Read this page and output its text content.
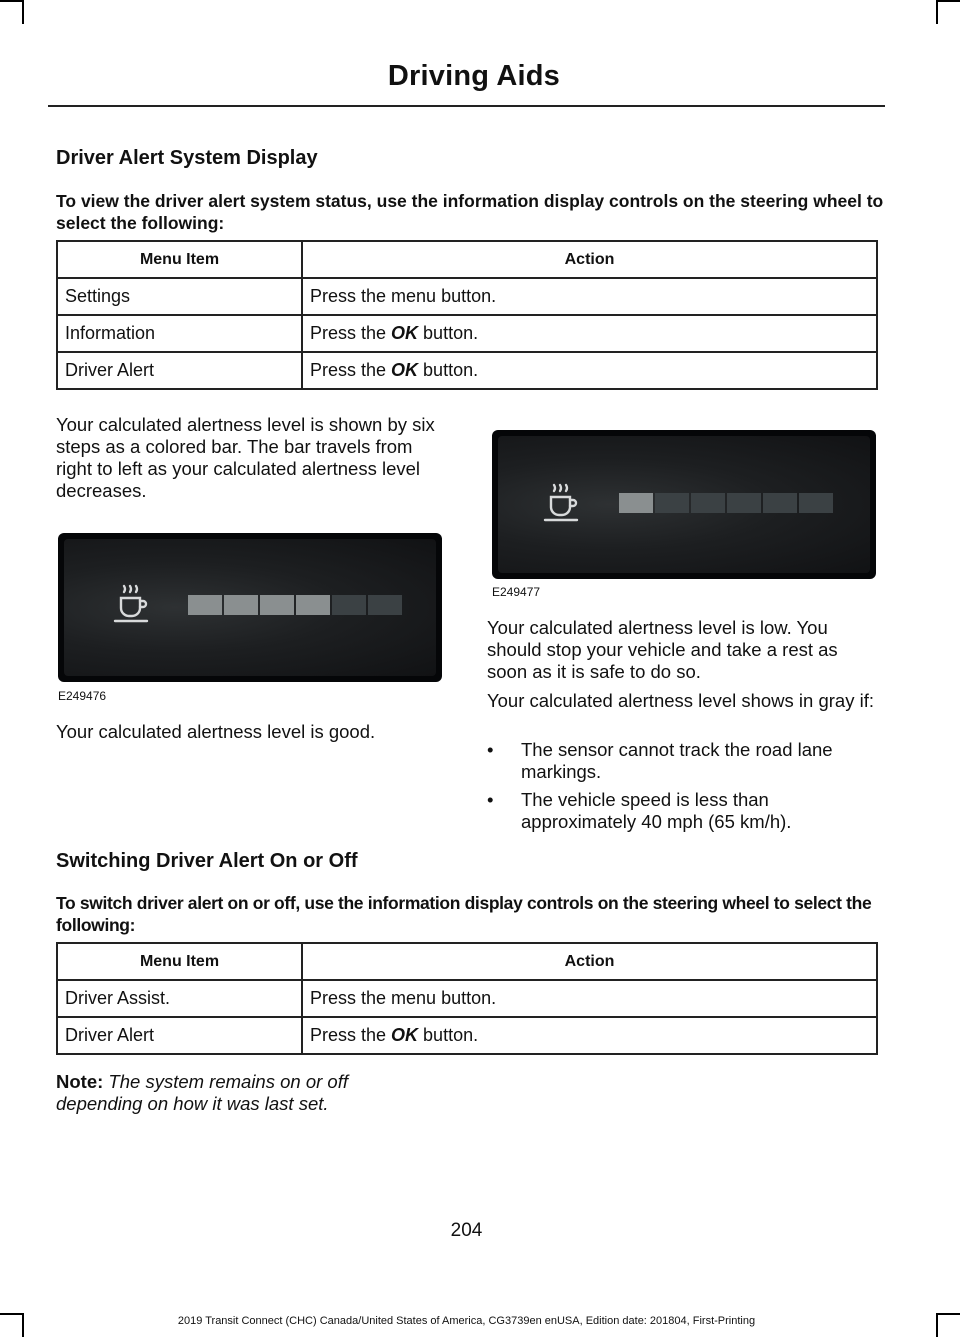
Driving Aids
Driver Alert System Display
To view the driver alert system status, use the information display controls on the steering wheel to select the following:
Menu Item	Action
Settings	Press the menu button.
Information	Press the OK button.
Driver Alert	Press the OK button.
Your calculated alertness level is shown by six steps as a colored bar. The bar travels from right to left as your calculated alertness level decreases.
E249476
Your calculated alertness level is good.
E249477
Your calculated alertness level is low. You should stop your vehicle and take a rest as soon as it is safe to do so.
Your calculated alertness level shows in gray if:
• The sensor cannot track the road lane markings.
• The vehicle speed is less than approximately 40 mph (65 km/h).
Switching Driver Alert On or Off
To switch driver alert on or off, use the information display controls on the steering wheel to select the following:
Menu Item	Action
Driver Assist.	Press the menu button.
Driver Alert	Press the OK button.
Note: The system remains on or off depending on how it was last set.
204
2019 Transit Connect (CHC) Canada/United States of America, CG3739en enUSA, Edition date: 201804, First-Printing
